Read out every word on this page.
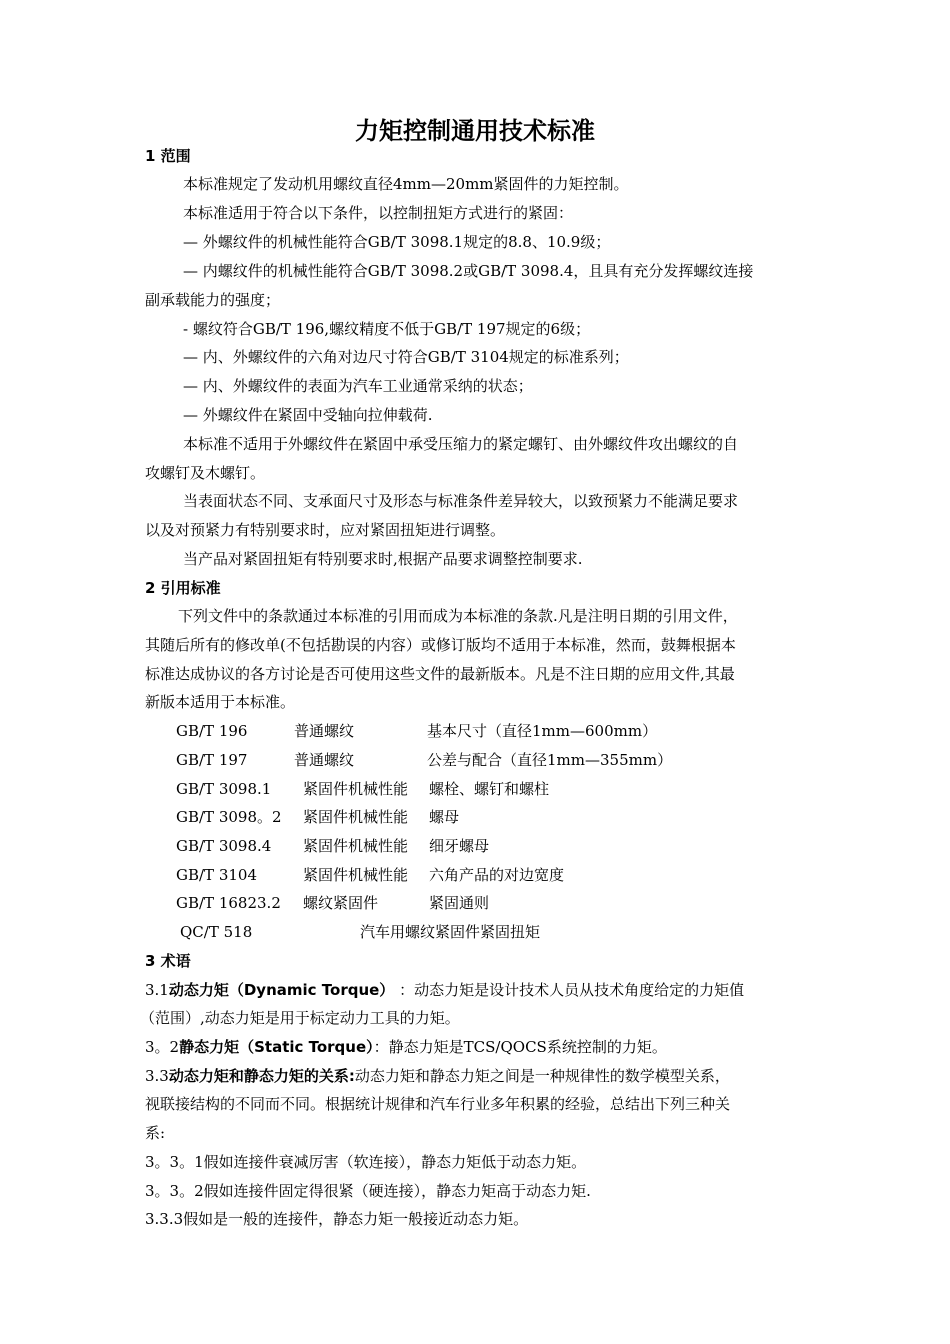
力矩控制通用技术标准
1 范围
本标准规定了发动机用螺纹直径4mm—20mm紧固件的力矩控制。
本标准适用于符合以下条件，以控制扭矩方式进行的紧固：
— 外螺纹件的机械性能符合GB/T 3098.1规定的8.8、10.9级；
— 内螺纹件的机械性能符合GB/T 3098.2或GB/T 3098.4，且具有充分发挥螺纹连接
副承载能力的强度；
- 螺纹符合GB/T 196,螺纹精度不低于GB/T 197规定的6级；
— 内、外螺纹件的六角对边尺寸符合GB/T 3104规定的标准系列；
— 内、外螺纹件的表面为汽车工业通常采纳的状态；
— 外螺纹件在紧固中受轴向拉伸载荷.
本标准不适用于外螺纹件在紧固中承受压缩力的紧定螺钉、由外螺纹件攻出螺纹的自
攻螺钉及木螺钉。
当表面状态不同、支承面尺寸及形态与标准条件差异较大，以致预紧力不能满足要求
以及对预紧力有特别要求时，应对紧固扭矩进行调整。
当产品对紧固扭矩有特别要求时,根据产品要求调整控制要求.
2 引用标准
下列文件中的条款通过本标准的引用而成为本标准的条款.凡是注明日期的引用文件，
其随后所有的修改单(不包括勘误的内容）或修订版均不适用于本标准，然而，鼓舞根据本
标准达成协议的各方讨论是否可使用这些文件的最新版本。凡是不注日期的应用文件,其最
新版本适用于本标准。
GB/T 196	普通螺纹	基本尺寸（直径1mm—600mm）
GB/T 197	普通螺纹	公差与配合（直径1mm—355mm）
GB/T 3098.1 紧固件机械性能 螺栓、螺钉和螺柱
GB/T 3098。2 紧固件机械性能 螺母
GB/T 3098.4 紧固件机械性能 细牙螺母
GB/T 3104	紧固件机械性能 六角产品的对边宽度
GB/T 16823.2 螺纹紧固件	紧固通则
QC/T 518	汽车用螺纹紧固件紧固扭矩
3 术语
3.1动态力矩（Dynamic Torque） ：动态力矩是设计技术人员从技术角度给定的力矩值
（范围）,动态力矩是用于标定动力工具的力矩。
3。2静态力矩（Static Torque）：静态力矩是TCS/QOCS系统控制的力矩。
3.3动态力矩和静态力矩的关系:动态力矩和静态力矩之间是一种规律性的数学模型关系，
视联接结构的不同而不同。根据统计规律和汽车行业多年积累的经验，总结出下列三种关
系:
3。3。1假如连接件衰减厉害（软连接），静态力矩低于动态力矩。
3。3。2假如连接件固定得很紧（硬连接），静态力矩高于动态力矩.
3.3.3假如是一般的连接件，静态力矩一般接近动态力矩。
